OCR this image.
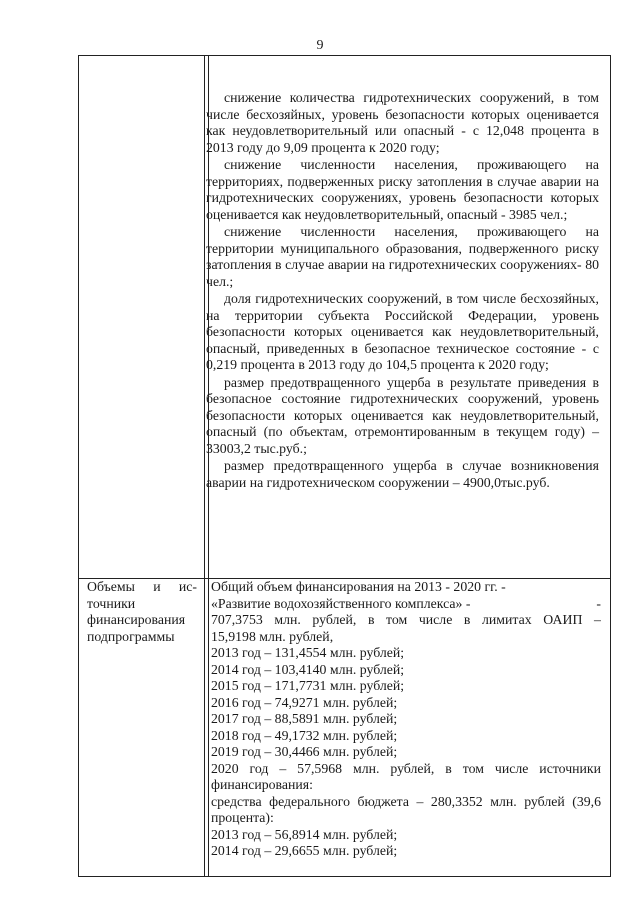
9

снижение количества гидротехнических сооружений, в том числе бесхозяйных, уровень безопасности которых оценивается как неудовлетворительный или опасный - с 12,048 процента в 2013 году до 9,09 процента к 2020 году;

снижение численности населения, проживающего на территориях, подверженных риску затопления в случае аварии на гидротехнических сооружениях, уровень безопасности которых оценивается как неудовлетворительный, опасный - 3985 чел.;

снижение численности населения, проживающего на территории муниципального образования, подверженного риску затопления в случае аварии на гидротехнических сооружениях- 80 чел.;

доля гидротехнических сооружений, в том числе бесхозяйных, на территории субъекта Российской Федерации, уровень безопасности которых оценивается как неудовлетворительный, опасный, приведенных в безопасное техническое состояние - с 0,219 процента в 2013 году до 104,5 процента к 2020 году;

размер предотвращенного ущерба в результате приведения в безопасное состояние гидротехнических сооружений, уровень безопасности которых оценивается как неудовлетворительный, опасный (по объектам, отремонтированным в текущем году) – 33003,2 тыс.руб.;

размер предотвращенного ущерба в случае возникновения аварии на гидротехническом сооружении – 4900,0тыс.руб.

Объемы и ис-
точники
финансирования
подпрограммы
Общий объем финансирования на 2013 - 2020 гг. -
«Развитие водохозяйственного комплекса» -	-
707,3753 млн. рублей, в том числе в лимитах ОАИП –
15,9198 млн. рублей,
2013 год – 131,4554 млн. рублей;
2014 год – 103,4140 млн. рублей;
2015 год – 171,7731 млн. рублей;
2016 год – 74,9271 млн. рублей;
2017 год – 88,5891 млн. рублей;
2018 год – 49,1732 млн. рублей;
2019 год – 30,4466 млн. рублей;
2020 год – 57,5968 млн. рублей, в том числе источники финансирования:
средства федерального бюджета – 280,3352 млн. рублей (39,6 процента):
2013 год – 56,8914 млн. рублей;
2014 год – 29,6655 млн. рублей;
